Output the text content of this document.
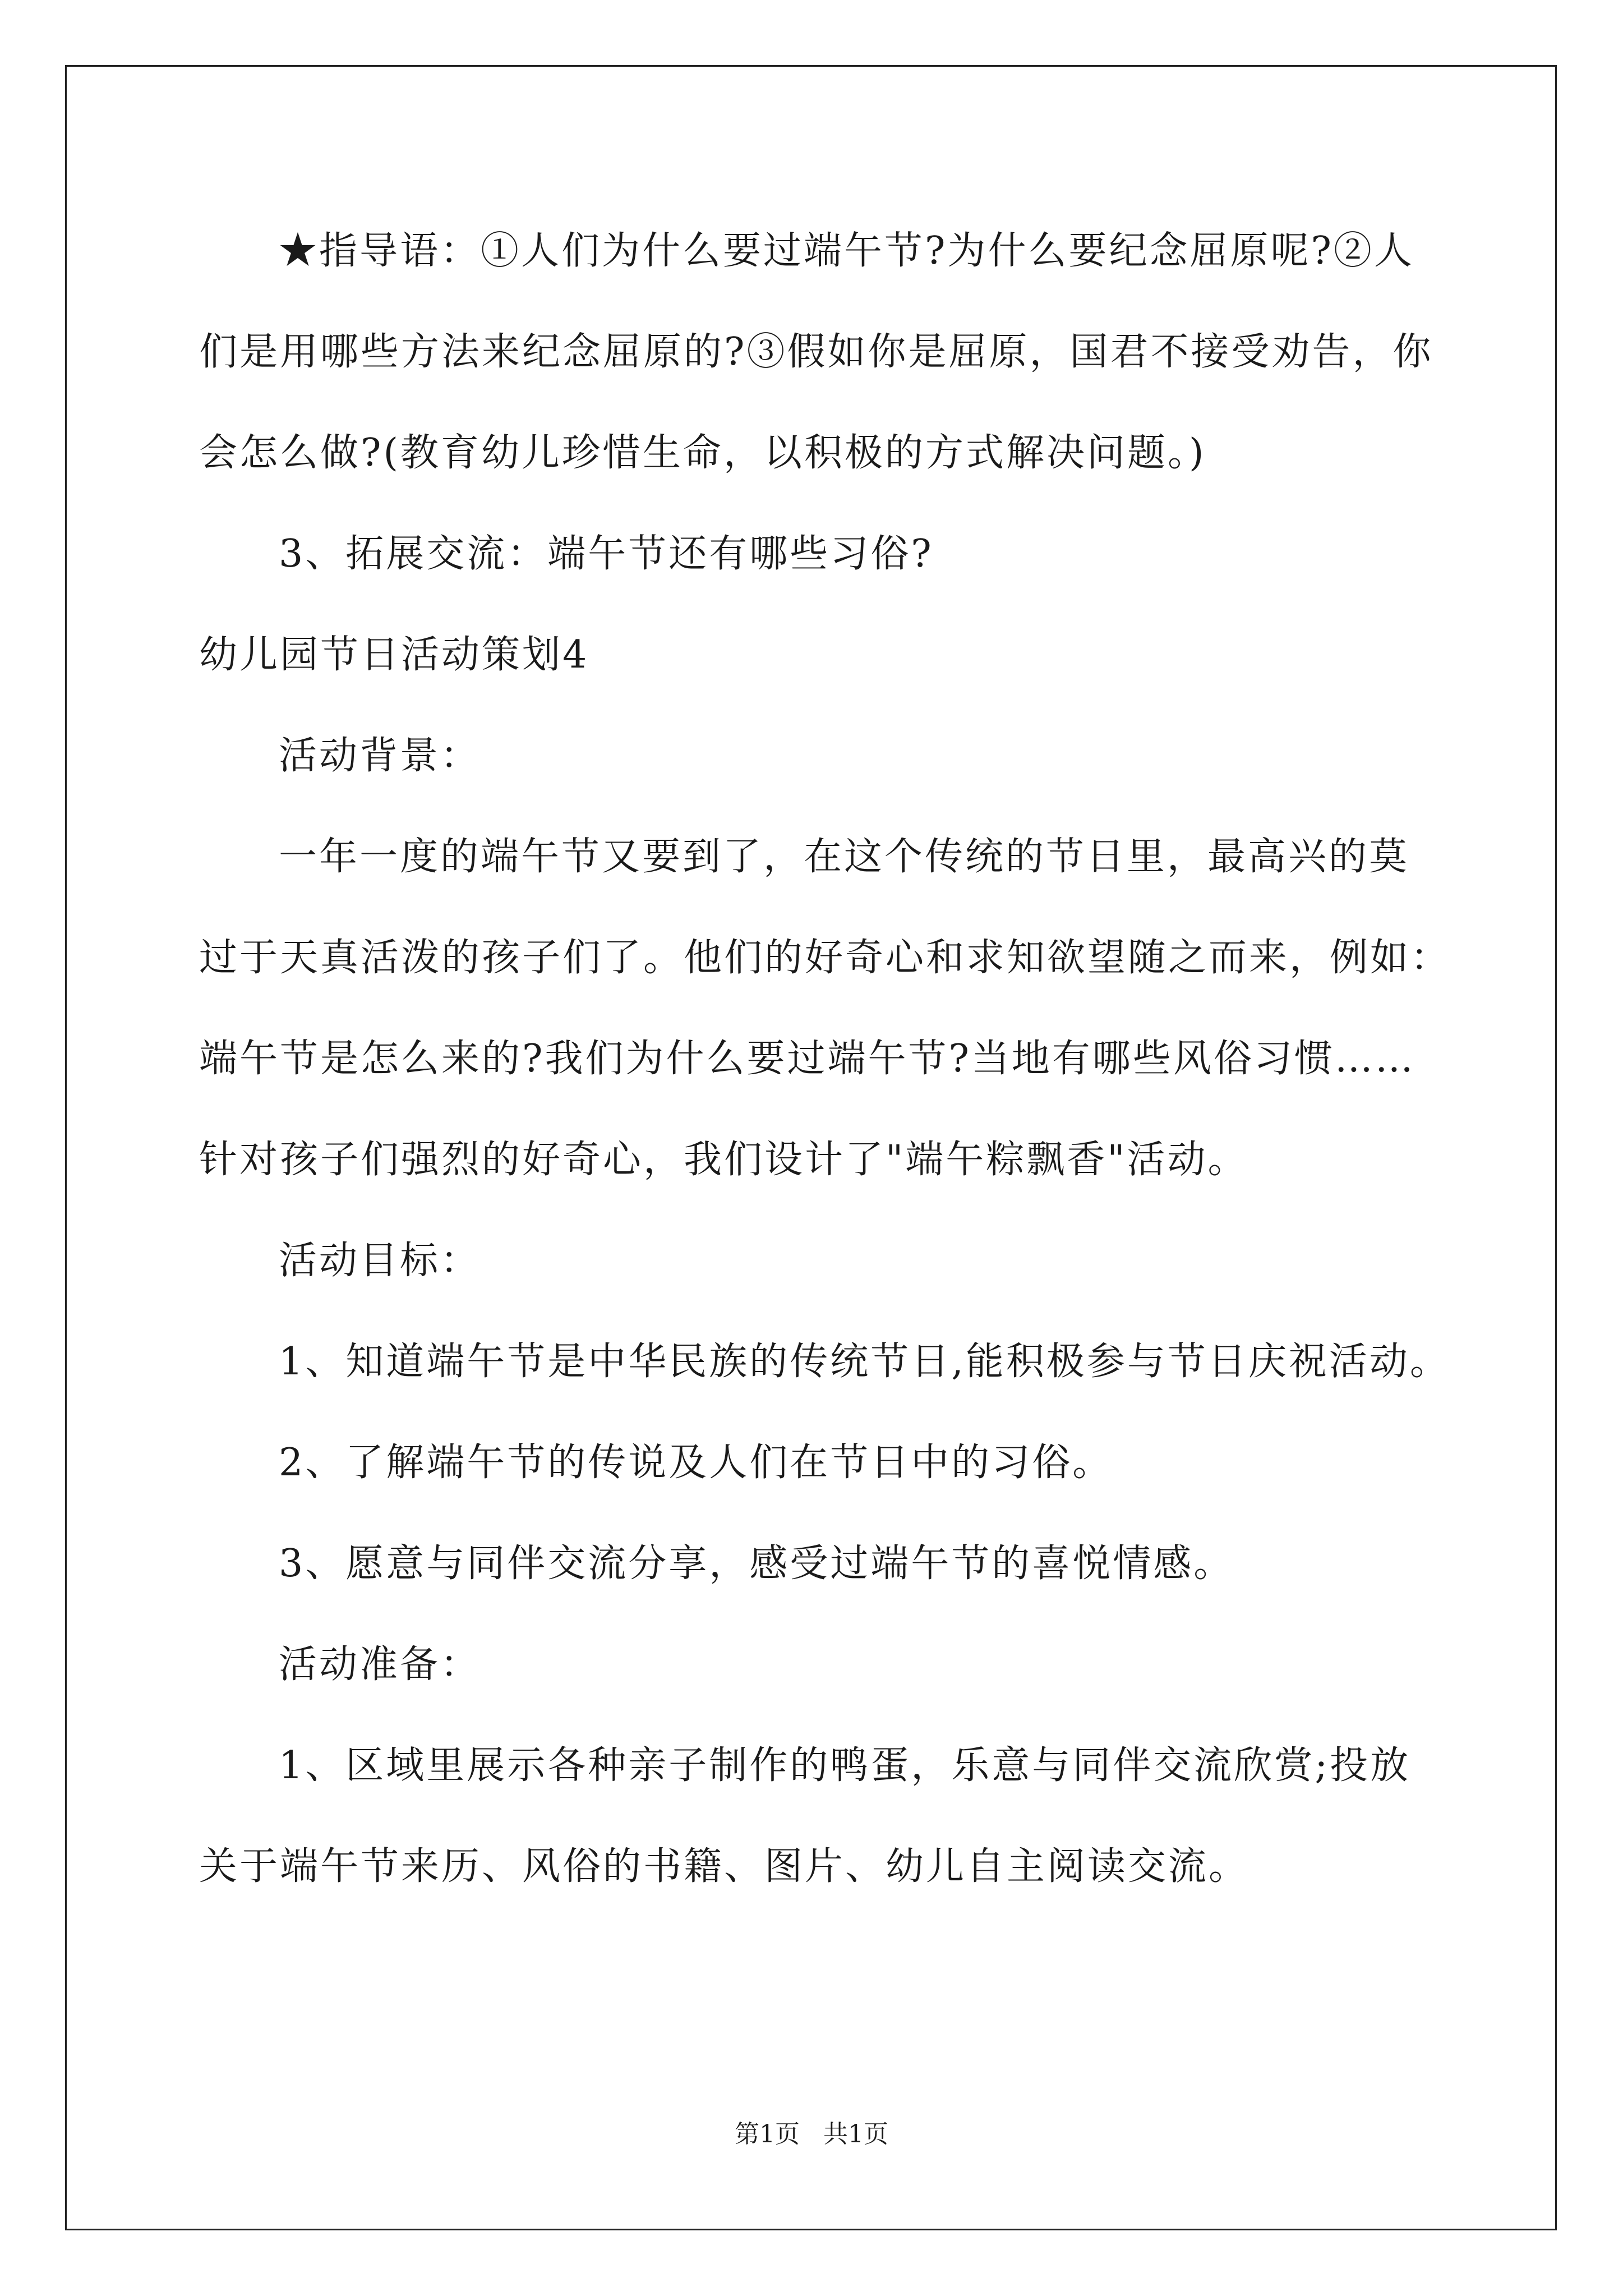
★指导语：①人们为什么要过端午节?为什么要纪念屈原呢?②人
们是用哪些方法来纪念屈原的?③假如你是屈原，国君不接受劝告，你
会怎么做?(教育幼儿珍惜生命，以积极的方式解决问题。)
3、拓展交流：端午节还有哪些习俗?
幼儿园节日活动策划4
活动背景：
一年一度的端午节又要到了，在这个传统的节日里，最高兴的莫
过于天真活泼的孩子们了。他们的好奇心和求知欲望随之而来，例如：
端午节是怎么来的?我们为什么要过端午节?当地有哪些风俗习惯……
针对孩子们强烈的好奇心，我们设计了"端午粽飘香"活动。
活动目标：
1、知道端午节是中华民族的传统节日,能积极参与节日庆祝活动。
2、了解端午节的传说及人们在节日中的习俗。
3、愿意与同伴交流分享，感受过端午节的喜悦情感。
活动准备：
1、区域里展示各种亲子制作的鸭蛋，乐意与同伴交流欣赏;投放
关于端午节来历、风俗的书籍、图片、幼儿自主阅读交流。
第1页   共1页
